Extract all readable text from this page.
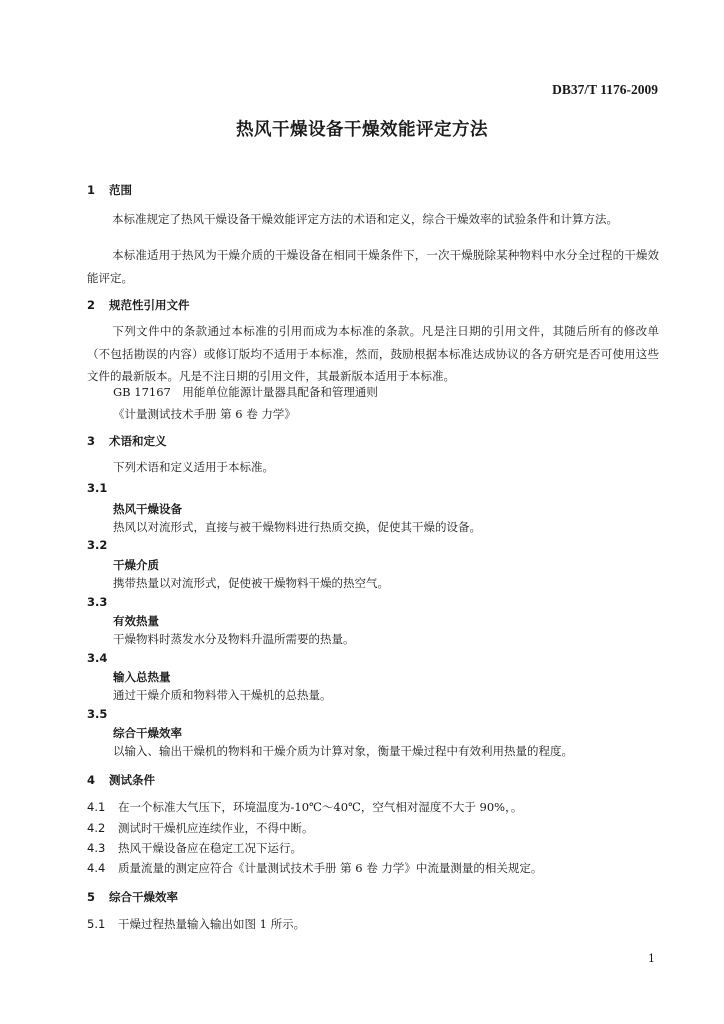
DB37/T 1176-2009
热风干燥设备干燥效能评定方法
1 范围
本标准规定了热风干燥设备干燥效能评定方法的术语和定义，综合干燥效率的试验条件和计算方法。
本标准适用于热风为干燥介质的干燥设备在相同干燥条件下，一次干燥脱除某种物料中水分全过程的干燥效能评定。
2 规范性引用文件
下列文件中的条款通过本标准的引用而成为本标准的条款。凡是注日期的引用文件，其随后所有的修改单（不包括勘误的内容）或修订版均不适用于本标准，然而，鼓励根据本标准达成协议的各方研究是否可使用这些文件的最新版本。凡是不注日期的引用文件，其最新版本适用于本标准。
GB 17167　用能单位能源计量器具配备和管理通则
《计量测试技术手册 第 6 卷 力学》
3 术语和定义
下列术语和定义适用于本标准。
3.1
热风干燥设备
热风以对流形式，直接与被干燥物料进行热质交换，促使其干燥的设备。
3.2
干燥介质
携带热量以对流形式，促使被干燥物料干燥的热空气。
3.3
有效热量
干燥物料时蒸发水分及物料升温所需要的热量。
3.4
输入总热量
通过干燥介质和物料带入干燥机的总热量。
3.5
综合干燥效率
以输入、输出干燥机的物料和干燥介质为计算对象，衡量干燥过程中有效利用热量的程度。
4 测试条件
4.1 在一个标准大气压下，环境温度为-10℃～40℃，空气相对湿度不大于 90%，。
4.2 测试时干燥机应连续作业，不得中断。
4.3 热风干燥设备应在稳定工况下运行。
4.4 质量流量的测定应符合《计量测试技术手册 第 6 卷 力学》中流量测量的相关规定。
5 综合干燥效率
5.1 干燥过程热量输入输出如图 1 所示。
1
